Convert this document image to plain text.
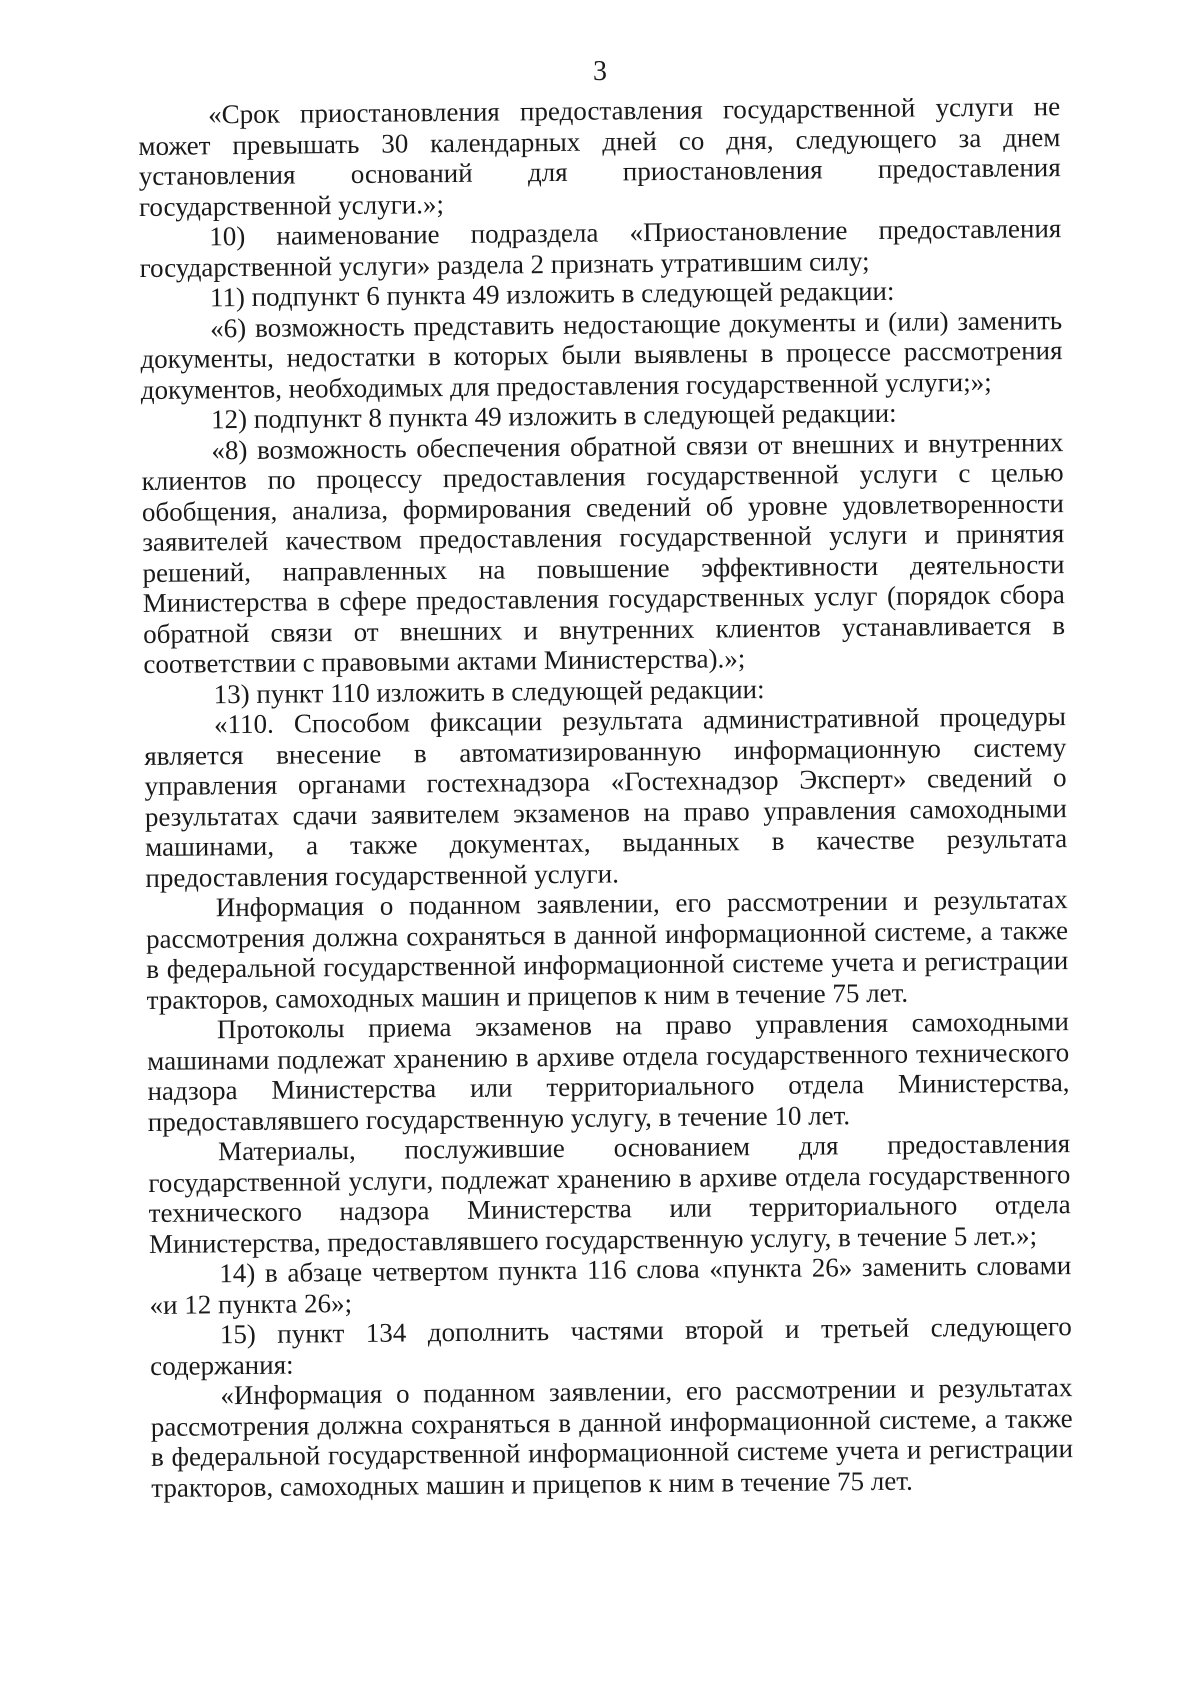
3

«Срок приостановления предоставления государственной услуги не может превышать 30 календарных дней со дня, следующего за днем установления оснований для приостановления предоставления государственной услуги.»;

10) наименование подраздела «Приостановление предоставления государственной услуги» раздела 2 признать утратившим силу;

11) подпункт 6 пункта 49 изложить в следующей редакции:

«6) возможность представить недостающие документы и (или) заменить документы, недостатки в которых были выявлены в процессе рассмотрения документов, необходимых для предоставления государственной услуги;»;

12) подпункт 8 пункта 49 изложить в следующей редакции:

«8) возможность обеспечения обратной связи от внешних и внутренних клиентов по процессу предоставления государственной услуги с целью обобщения, анализа, формирования сведений об уровне удовлетворенности заявителей качеством предоставления государственной услуги и принятия решений, направленных на повышение эффективности деятельности Министерства в сфере предоставления государственных услуг (порядок сбора обратной связи от внешних и внутренних клиентов устанавливается в соответствии с правовыми актами Министерства).»;

13) пункт 110 изложить в следующей редакции:

«110. Способом фиксации результата административной процедуры является внесение в автоматизированную информационную систему управления органами гостехнадзора «Гостехнадзор Эксперт» сведений о результатах сдачи заявителем экзаменов на право управления самоходными машинами, а также документах, выданных в качестве результата предоставления государственной услуги.

Информация о поданном заявлении, его рассмотрении и результатах рассмотрения должна сохраняться в данной информационной системе, а также в федеральной государственной информационной системе учета и регистрации тракторов, самоходных машин и прицепов к ним в течение 75 лет.

Протоколы приема экзаменов на право управления самоходными машинами подлежат хранению в архиве отдела государственного технического надзора Министерства или территориального отдела Министерства, предоставлявшего государственную услугу, в течение 10 лет.

Материалы, послужившие основанием для предоставления государственной услуги, подлежат хранению в архиве отдела государственного технического надзора Министерства или территориального отдела Министерства, предоставлявшего государственную услугу, в течение 5 лет.»;

14) в абзаце четвертом пункта 116 слова «пункта 26» заменить словами «и 12 пункта 26»;

15) пункт 134 дополнить частями второй и третьей следующего содержания:

«Информация о поданном заявлении, его рассмотрении и результатах рассмотрения должна сохраняться в данной информационной системе, а также в федеральной государственной информационной системе учета и регистрации тракторов, самоходных машин и прицепов к ним в течение 75 лет.
